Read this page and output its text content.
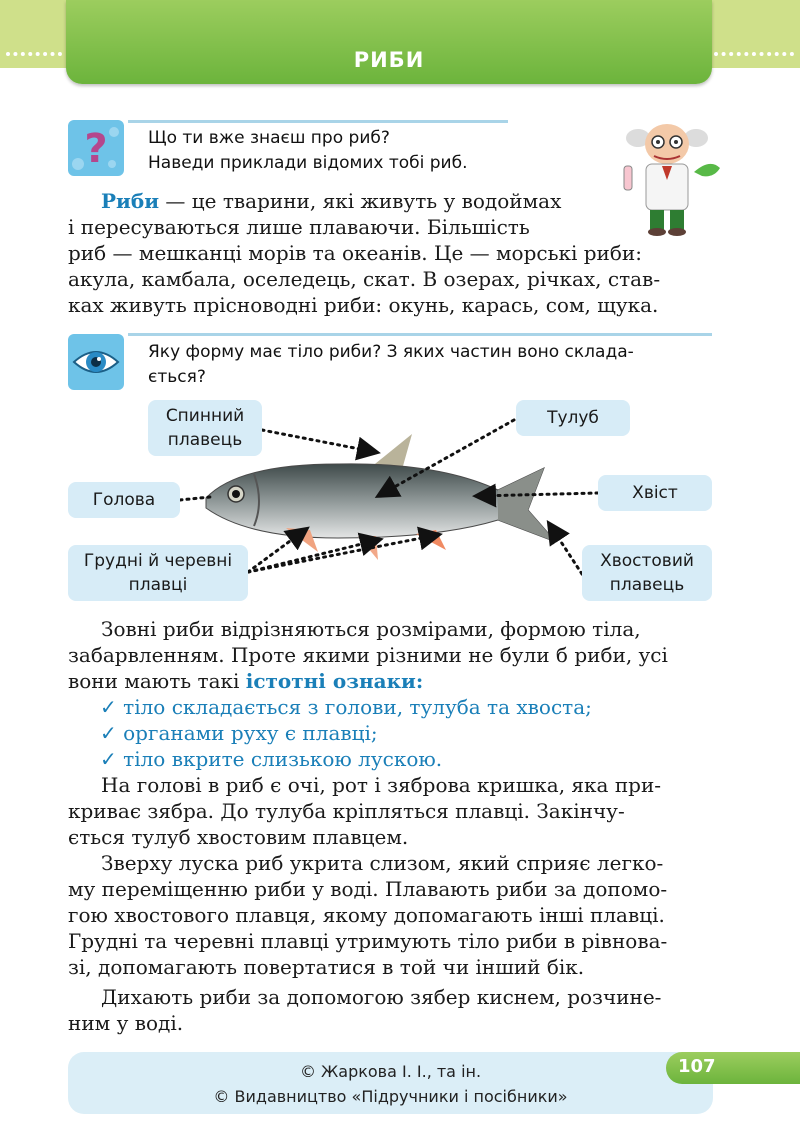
РИБИ
? Що ти вже знаєш про риб?
Наведи приклади відомих тобі риб.
Риби — це тварини, які живуть у водоймах
і пересуваються лише плаваючи. Більшість
риб — мешканці морів та океанів. Це — морські риби:
акула, камбала, оселедець, скат. В озерах, річках, став-
ках живуть прісноводні риби: окунь, карась, сом, щука.
Яку форму має тіло риби? З яких частин воно склада-
ється?
Спинний
плавець
Тулуб
Голова	Хвіст
Грудні й черевні
плавці
Хвостовий
плавець
Зовні риби відрізняються розмірами, формою тіла,
забарвленням. Проте якими різними не були б риби, усі
вони мають такі істотні ознаки:
✓ тіло складається з голови, тулуба та хвоста;
✓ органами руху є плавці;
✓ тіло вкрите слизькою лускою.
На голові в риб є очі, рот і зяброва кришка, яка при-
криває зябра. До тулуба кріпляться плавці. Закінчу-
ється тулуб хвостовим плавцем.
Зверху луска риб укрита слизом, який сприяє легко-
му переміщенню риби у воді. Плавають риби за допомо-
гою хвостового плавця, якому допомагають інші плавці.
Грудні та черевні плавці утримують тіло риби в рівнова-
зі, допомагають повертатися в той чи інший бік.
Дихають риби за допомогою зябер киснем, розчине-
ним у воді.
© Жаркова І. І., та ін.
© Видавництво «Підручники і посібники»
107
